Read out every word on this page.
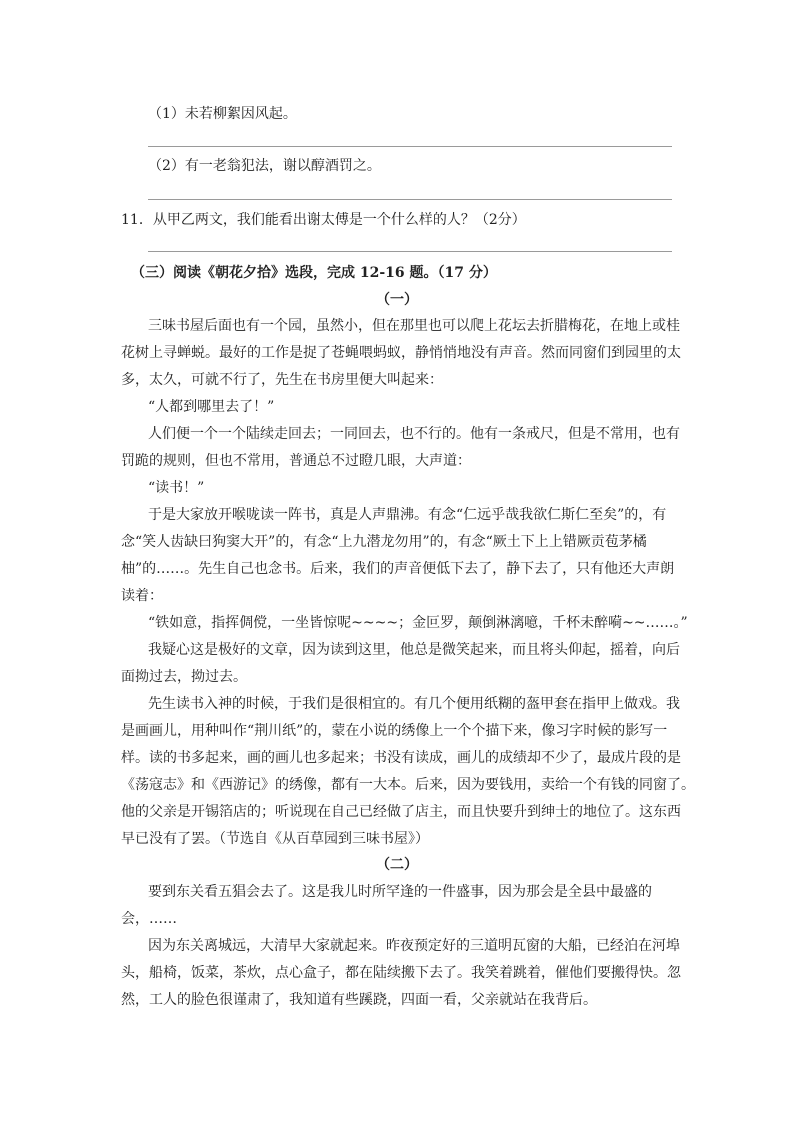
（1）未若柳絮因风起。
（2）有一老翁犯法，谢以醇酒罚之。
11．从甲乙两文，我们能看出谢太傅是一个什么样的人？（2分）
（三）阅读《朝花夕拾》选段，完成 12-16 题。（17 分）
（一）
三味书屋后面也有一个园，虽然小，但在那里也可以爬上花坛去折腊梅花，在地上或桂
花树上寻蝉蜕。最好的工作是捉了苍蝇喂蚂蚁，静悄悄地没有声音。然而同窗们到园里的太
多，太久，可就不行了，先生在书房里便大叫起来：
“人都到哪里去了！”
人们便一个一个陆续走回去；一同回去，也不行的。他有一条戒尺，但是不常用，也有
罚跪的规则，但也不常用，普通总不过瞪几眼，大声道：
“读书！”
于是大家放开喉咙读一阵书，真是人声鼎沸。有念“仁远乎哉我欲仁斯仁至矣”的，有
念“笑人齿缺曰狗窦大开”的，有念“上九潜龙勿用”的，有念“厥土下上上错厥贡苞茅橘
柚”的……。先生自己也念书。后来，我们的声音便低下去了，静下去了，只有他还大声朗
读着：
“铁如意，指挥倜傥，一坐皆惊呢~~~~；金叵罗，颠倒淋漓噫，千杯未醉嗬~~……。”
我疑心这是极好的文章，因为读到这里，他总是微笑起来，而且将头仰起，摇着，向后
面拗过去，拗过去。
先生读书入神的时候，于我们是很相宜的。有几个便用纸糊的盔甲套在指甲上做戏。我
是画画儿，用种叫作“荆川纸”的，蒙在小说的绣像上一个个描下来，像习字时候的影写一
样。读的书多起来，画的画儿也多起来；书没有读成，画儿的成绩却不少了，最成片段的是
《荡寇志》和《西游记》的绣像，都有一大本。后来，因为要钱用，卖给一个有钱的同窗了。
他的父亲是开锡箔店的；听说现在自己已经做了店主，而且快要升到绅士的地位了。这东西
早已没有了罢。（节选自《从百草园到三味书屋》）
（二）
要到东关看五猖会去了。这是我儿时所罕逢的一件盛事，因为那会是全县中最盛的
会，……
因为东关离城远，大清早大家就起来。昨夜预定好的三道明瓦窗的大船，已经泊在河埠
头，船椅，饭菜，茶炊，点心盒子，都在陆续搬下去了。我笑着跳着，催他们要搬得快。忽
然，工人的脸色很谨肃了，我知道有些蹊跷，四面一看，父亲就站在我背后。
